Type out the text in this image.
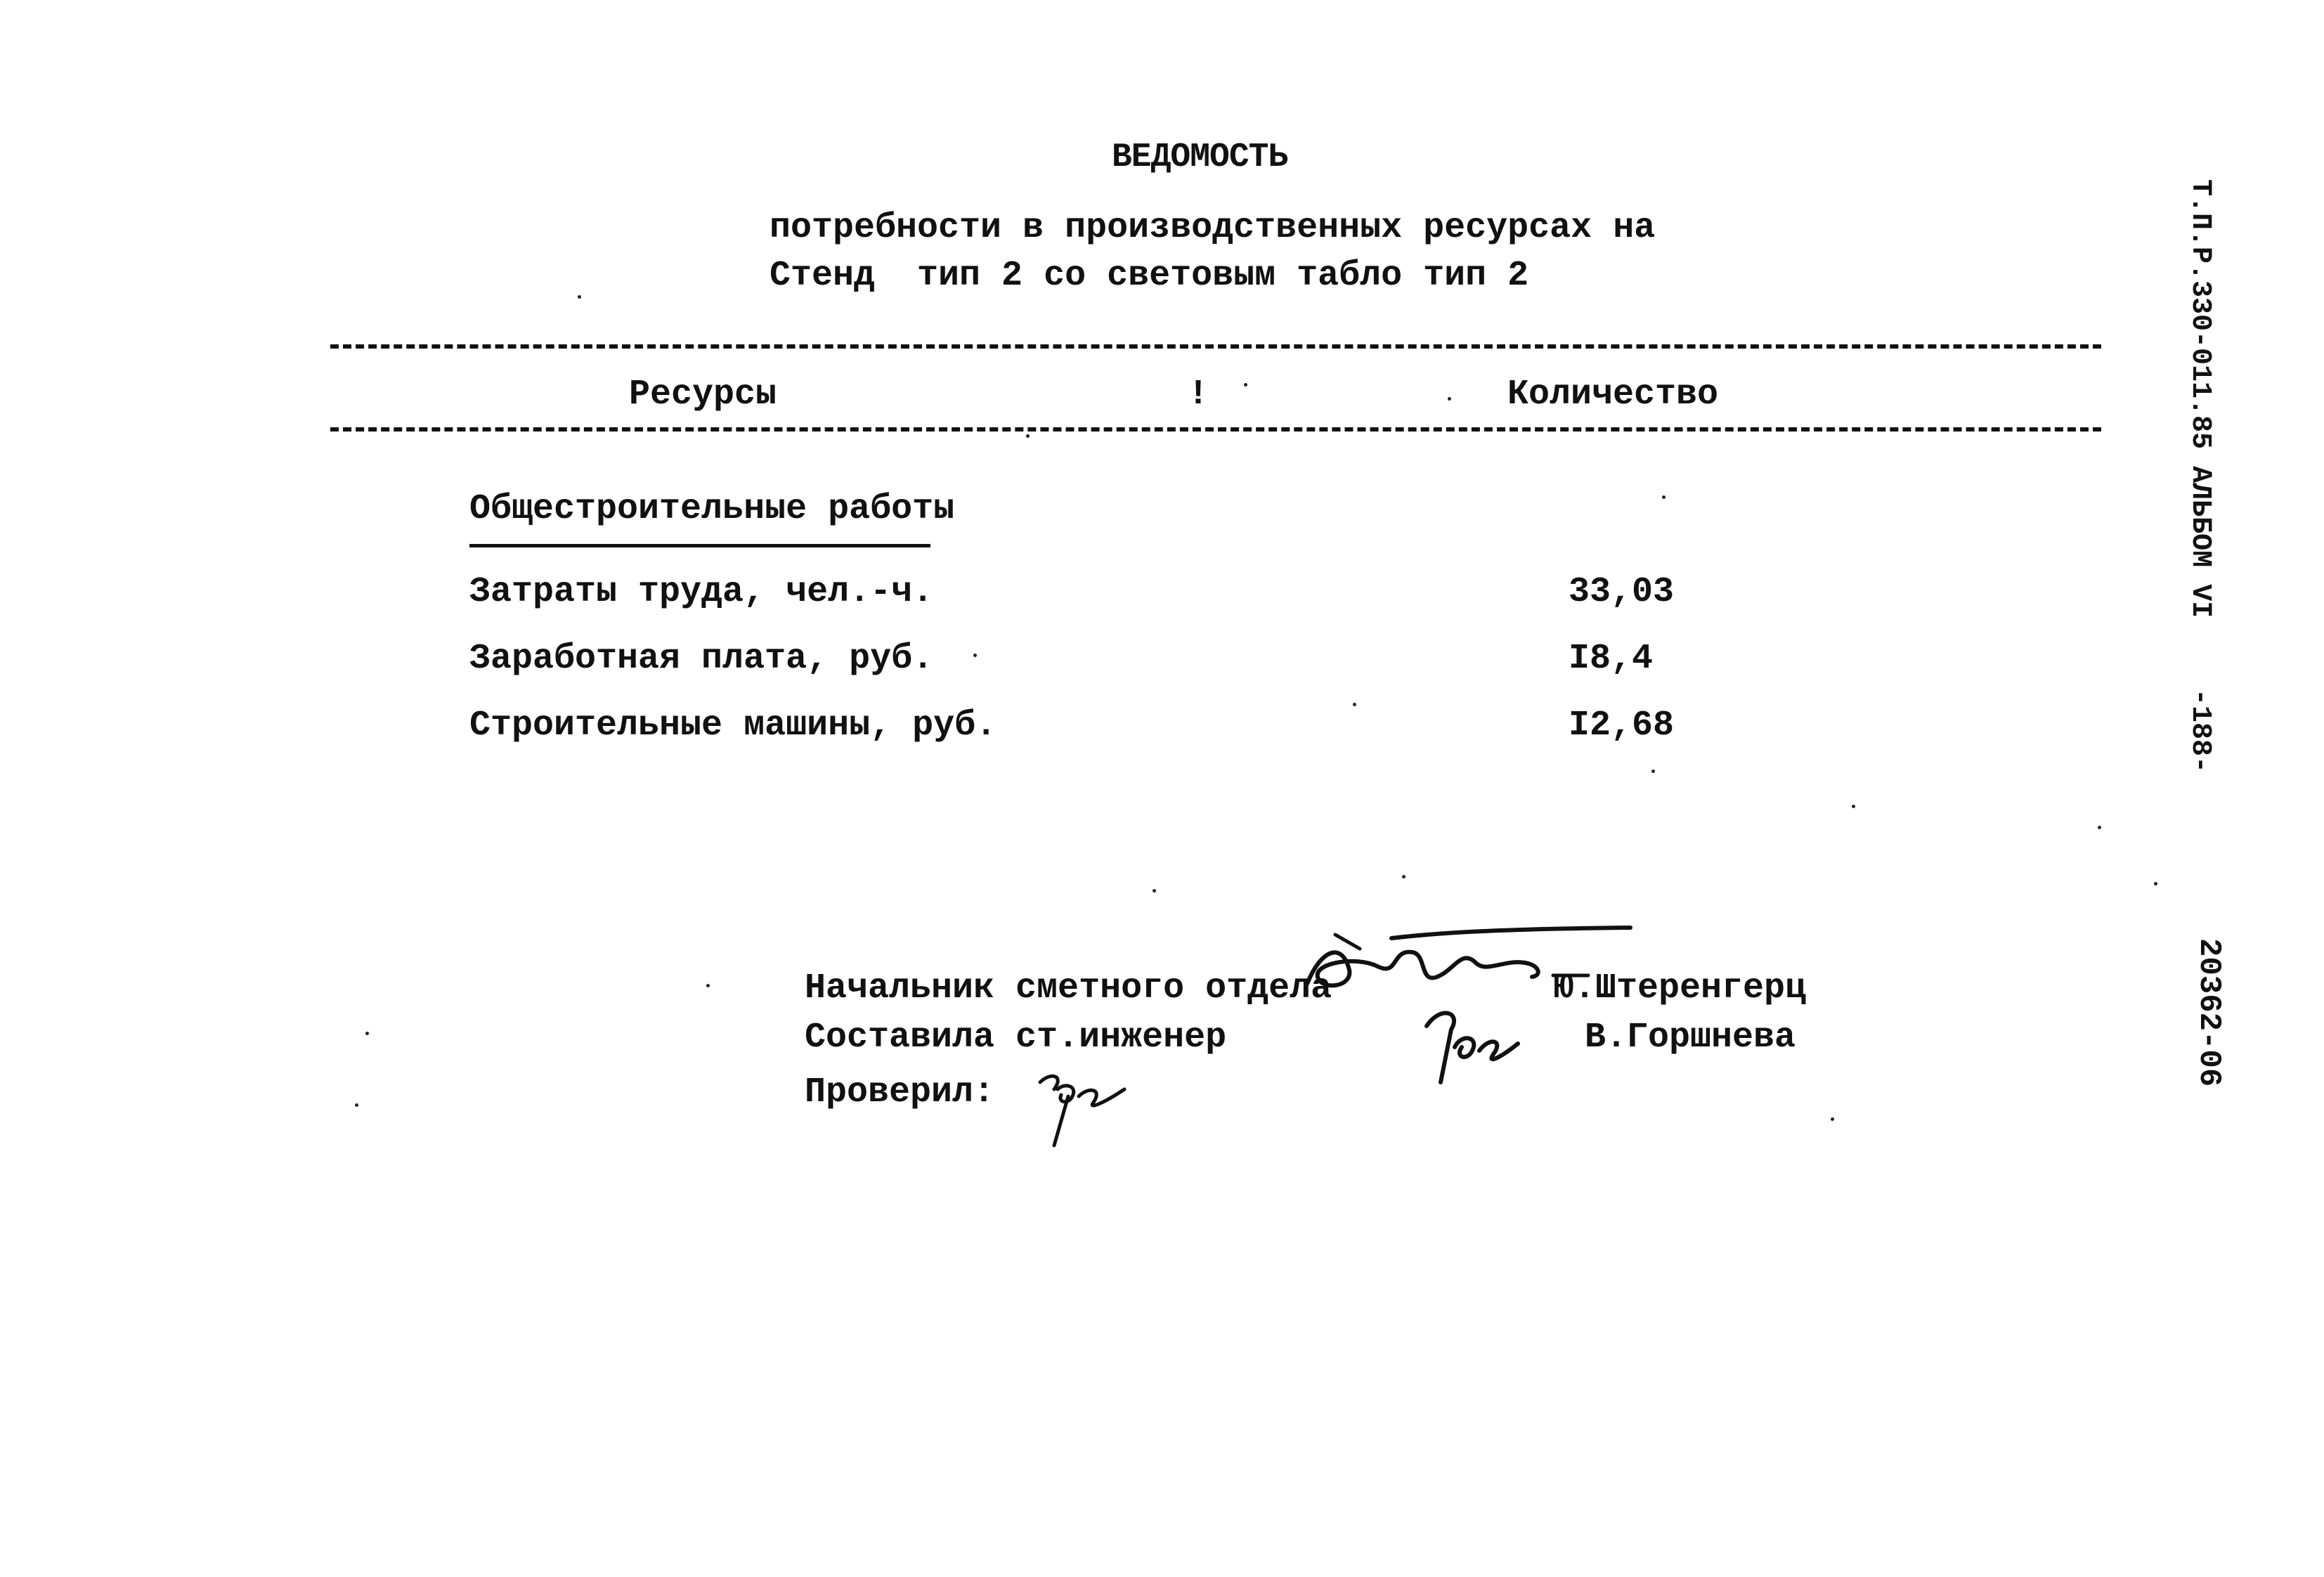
ВЕДОМОСТЬ
потребности в производственных ресурсах на
Стенд  тип 2 со световым табло тип 2
Ресурсы	!	Количество
Общестроительные работы
Затраты труда, чел.-ч.	33,03
Заработная плата, руб.	I8,4
Строительные машины, руб.	I2,68
Начальник сметного отдела	Ю.Штеренгерц
Составила ст.инженер	В.Горшнева
Проверил:
Т.П.Р.330-011.85 АЛЬБОМ VI
-188-
20362-06
